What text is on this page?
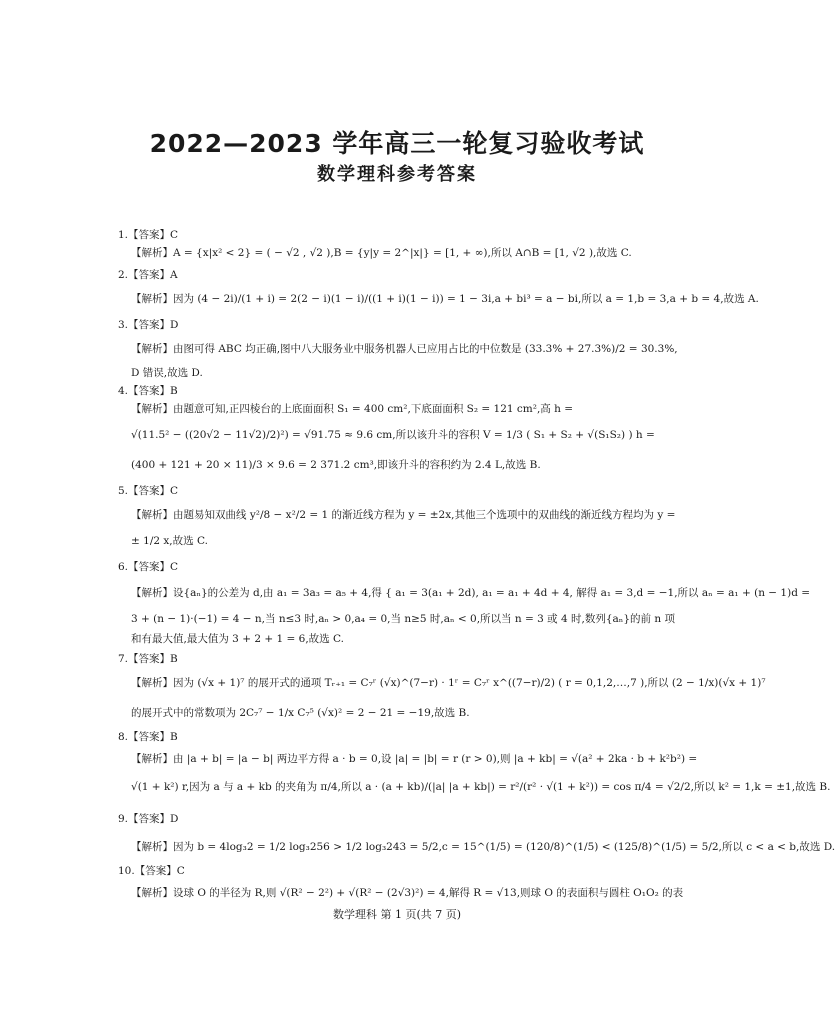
2022—2023 学年高三一轮复习验收考试
数学理科参考答案
1.【答案】C
【解析】A = {x|x² < 2} = ( − √2 , √2 ),B = {y|y = 2^|x|} = [1, + ∞),所以 A∩B = [1, √2 ),故选 C.
2.【答案】A
【解析】因为 (4 − 2i)/(1 + i) = 2(2 − i)(1 − i)/((1 + i)(1 − i)) = 1 − 3i,a + bi³ = a − bi,所以 a = 1,b = 3,a + b = 4,故选 A.
3.【答案】D
【解析】由图可得 ABC 均正确,图中八大服务业中服务机器人已应用占比的中位数是 (33.3% + 27.3%)/2 = 30.3%,
D 错误,故选 D.
4.【答案】B
【解析】由题意可知,正四棱台的上底面面积 S₁ = 400 cm²,下底面面积 S₂ = 121 cm²,高 h =
√(11.5² − ((20√2 − 11√2)/2)²) = √91.75 ≈ 9.6 cm,所以该升斗的容积 V = 1/3 ( S₁ + S₂ + √(S₁S₂) ) h =
(400 + 121 + 20 × 11)/3 × 9.6 = 2 371.2 cm³,即该升斗的容积约为 2.4 L,故选 B.
5.【答案】C
【解析】由题易知双曲线 y²/8 − x²/2 = 1 的渐近线方程为 y = ±2x,其他三个选项中的双曲线的渐近线方程均为 y =
± 1/2 x,故选 C.
6.【答案】C
【解析】设{aₙ}的公差为 d,由 a₁ = 3a₃ = a₅ + 4,得 { a₁ = 3(a₁ + 2d), a₁ = a₁ + 4d + 4, 解得 a₁ = 3,d = −1,所以 aₙ = a₁ + (n − 1)d =
3 + (n − 1)·(−1) = 4 − n,当 n≤3 时,aₙ > 0,a₄ = 0,当 n≥5 时,aₙ < 0,所以当 n = 3 或 4 时,数列{aₙ}的前 n 项
和有最大值,最大值为 3 + 2 + 1 = 6,故选 C.
7.【答案】B
【解析】因为 (√x + 1)⁷ 的展开式的通项 Tᵣ₊₁ = C₇ʳ (√x)^(7−r) · 1ʳ = C₇ʳ x^((7−r)/2) ( r = 0,1,2,…,7 ),所以 (2 − 1/x)(√x + 1)⁷
的展开式中的常数项为 2C₇⁷ − 1/x C₇⁵ (√x)² = 2 − 21 = −19,故选 B.
8.【答案】B
【解析】由 |a + b| = |a − b| 两边平方得 a · b = 0,设 |a| = |b| = r (r > 0),则 |a + kb| = √(a² + 2ka · b + k²b²) =
√(1 + k²) r,因为 a 与 a + kb 的夹角为 π/4,所以 a · (a + kb)/(|a| |a + kb|) = r²/(r² · √(1 + k²)) = cos π/4 = √2/2,所以 k² = 1,k = ±1,故选 B.
9.【答案】D
【解析】因为 b = 4log₃2 = 1/2 log₃256 > 1/2 log₃243 = 5/2,c = 15^(1/5) = (120/8)^(1/5) < (125/8)^(1/5) = 5/2,所以 c < a < b,故选 D.
10.【答案】C
【解析】设球 O 的半径为 R,则 √(R² − 2²) + √(R² − (2√3)²) = 4,解得 R = √13,则球 O 的表面积与圆柱 O₁O₂ 的表
数学理科 第 1 页(共 7 页)
